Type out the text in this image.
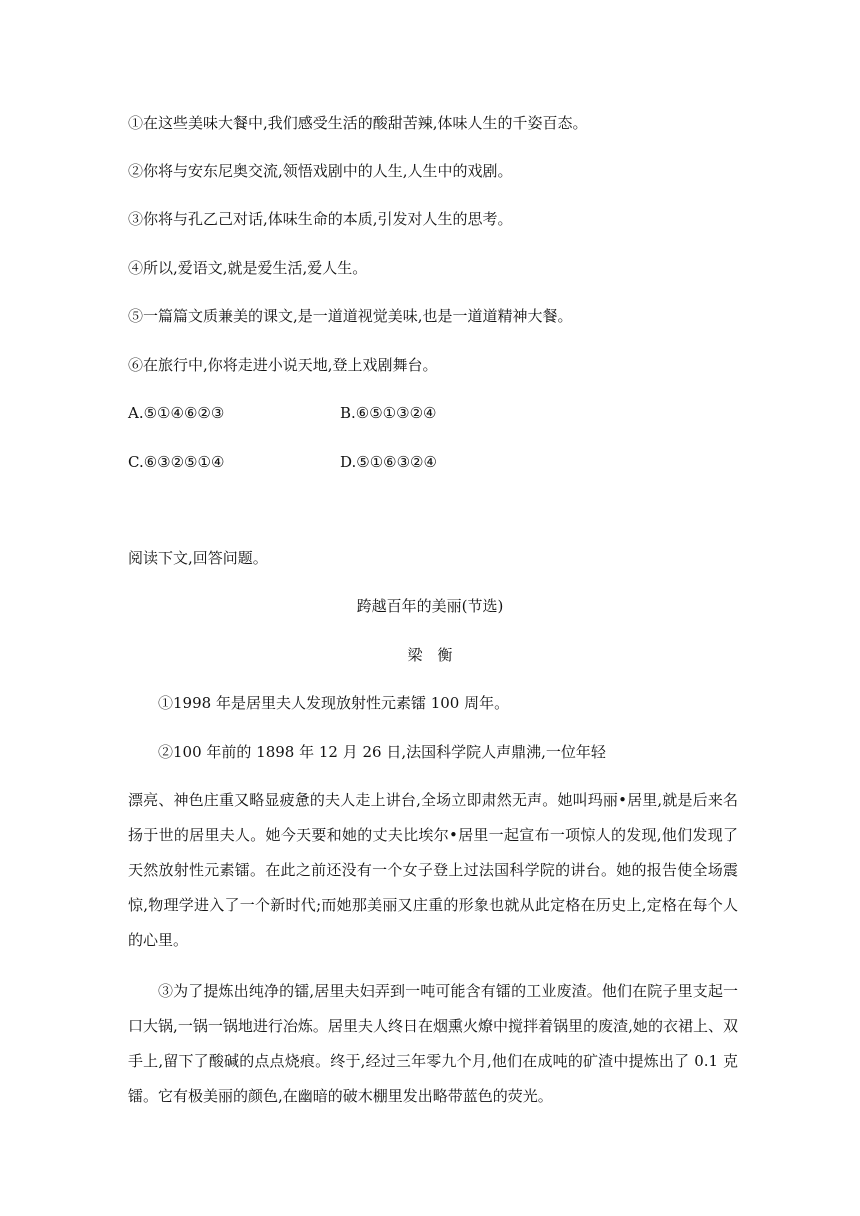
①在这些美味大餐中,我们感受生活的酸甜苦辣,体味人生的千姿百态。
②你将与安东尼奥交流,领悟戏剧中的人生,人生中的戏剧。
③你将与孔乙己对话,体味生命的本质,引发对人生的思考。
④所以,爱语文,就是爱生活,爱人生。
⑤一篇篇文质兼美的课文,是一道道视觉美味,也是一道道精神大餐。
⑥在旅行中,你将走进小说天地,登上戏剧舞台。
A.⑤①④⑥②③	B.⑥⑤①③②④
C.⑥③②⑤①④	D.⑤①⑥③②④
阅读下文,回答问题。
跨越百年的美丽(节选)
梁　衡
①1998 年是居里夫人发现放射性元素镭 100 周年。
②100 年前的 1898 年 12 月 26 日,法国科学院人声鼎沸,一位年轻
漂亮、神色庄重又略显疲惫的夫人走上讲台,全场立即肃然无声。她叫玛丽•居里,就是后来名扬于世的居里夫人。她今天要和她的丈夫比埃尔•居里一起宣布一项惊人的发现,他们发现了天然放射性元素镭。在此之前还没有一个女子登上过法国科学院的讲台。她的报告使全场震惊,物理学进入了一个新时代;而她那美丽又庄重的形象也就从此定格在历史上,定格在每个人的心里。
③为了提炼出纯净的镭,居里夫妇弄到一吨可能含有镭的工业废渣。他们在院子里支起一口大锅,一锅一锅地进行冶炼。居里夫人终日在烟熏火燎中搅拌着锅里的废渣,她的衣裙上、双手上,留下了酸碱的点点烧痕。终于,经过三年零九个月,他们在成吨的矿渣中提炼出了 0.1 克镭。它有极美丽的颜色,在幽暗的破木棚里发出略带蓝色的荧光。
